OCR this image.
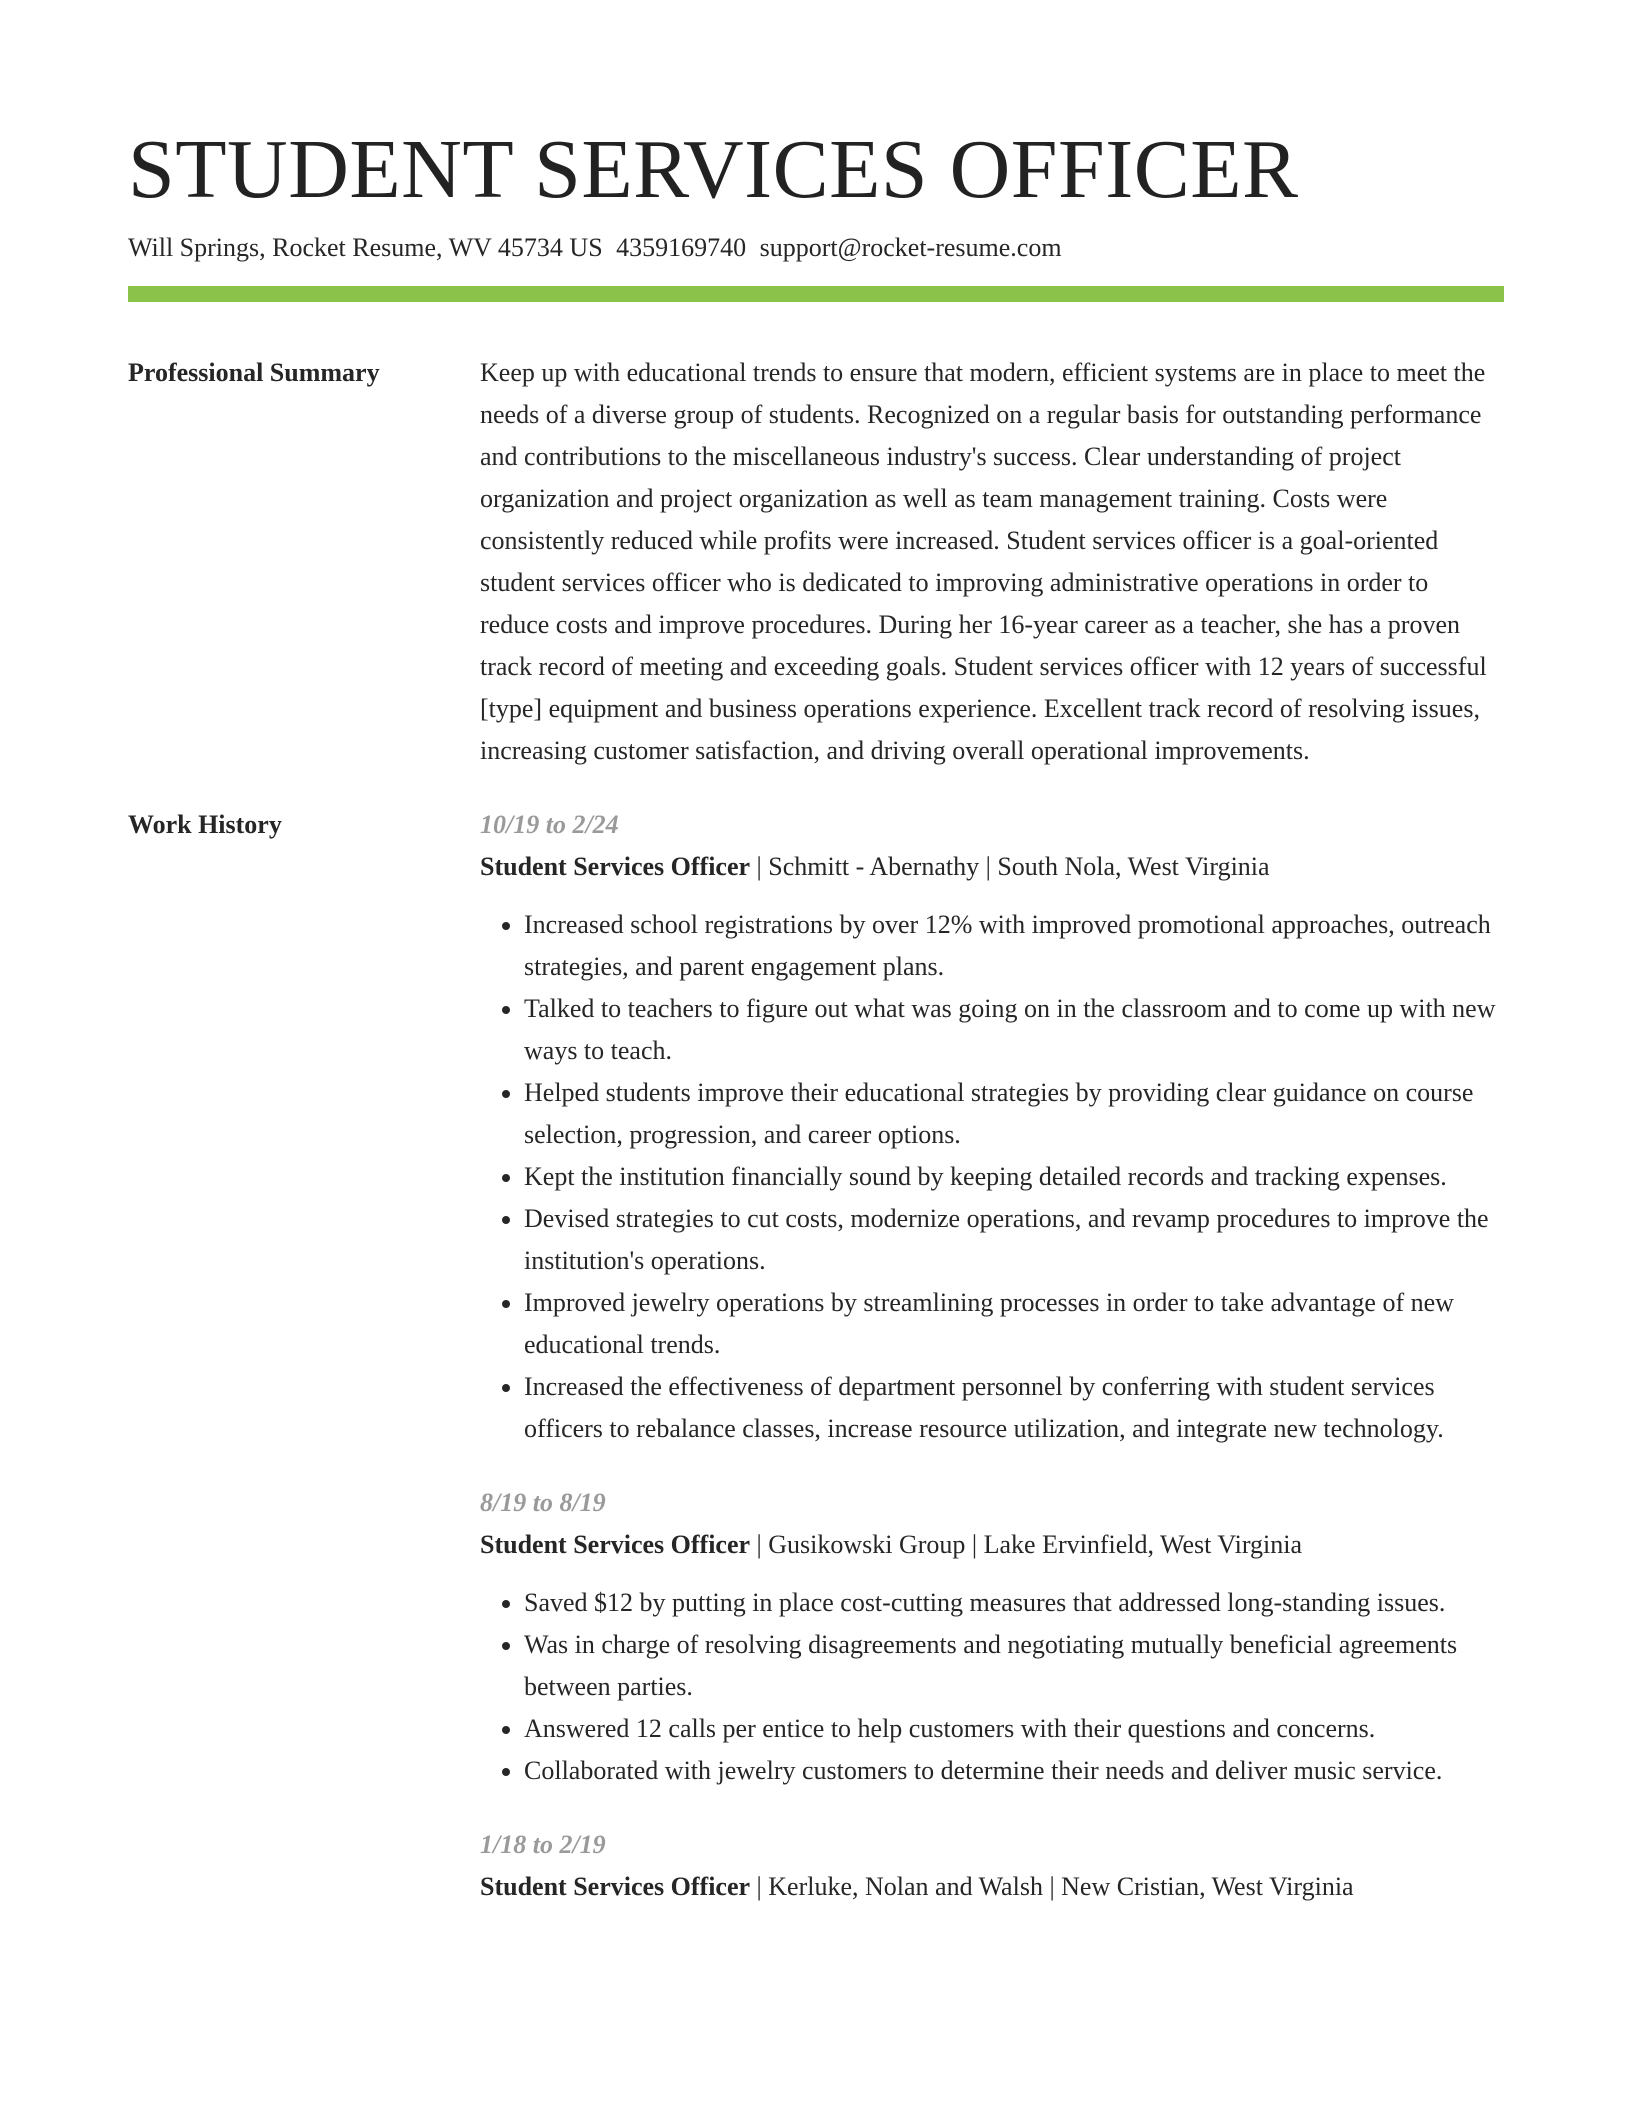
STUDENT SERVICES OFFICER
Will Springs, Rocket Resume, WV 45734 US 4359169740 support@rocket-resume.com
Professional Summary	Keep up with educational trends to ensure that modern, efficient systems are in place to meet the needs of a diverse group of students. Recognized on a regular basis for outstanding performance and contributions to the miscellaneous industry's success. Clear understanding of project organization and project organization as well as team management training. Costs were consistently reduced while profits were increased. Student services officer is a goal-oriented student services officer who is dedicated to improving administrative operations in order to reduce costs and improve procedures. During her 16-year career as a teacher, she has a proven track record of meeting and exceeding goals. Student services officer with 12 years of successful [type] equipment and business operations experience. Excellent track record of resolving issues, increasing customer satisfaction, and driving overall operational improvements.

Work History	10/19 to 2/24
Student Services Officer | Schmitt - Abernathy | South Nola, West Virginia
• Increased school registrations by over 12% with improved promotional approaches, outreach strategies, and parent engagement plans.
• Talked to teachers to figure out what was going on in the classroom and to come up with new ways to teach.
• Helped students improve their educational strategies by providing clear guidance on course selection, progression, and career options.
• Kept the institution financially sound by keeping detailed records and tracking expenses.
• Devised strategies to cut costs, modernize operations, and revamp procedures to improve the institution's operations.
• Improved jewelry operations by streamlining processes in order to take advantage of new educational trends.
• Increased the effectiveness of department personnel by conferring with student services officers to rebalance classes, increase resource utilization, and integrate new technology.
8/19 to 8/19
Student Services Officer | Gusikowski Group | Lake Ervinfield, West Virginia
• Saved $12 by putting in place cost-cutting measures that addressed long-standing issues.
• Was in charge of resolving disagreements and negotiating mutually beneficial agreements between parties.
• Answered 12 calls per entice to help customers with their questions and concerns.
• Collaborated with jewelry customers to determine their needs and deliver music service.
1/18 to 2/19
Student Services Officer | Kerluke, Nolan and Walsh | New Cristian, West Virginia
